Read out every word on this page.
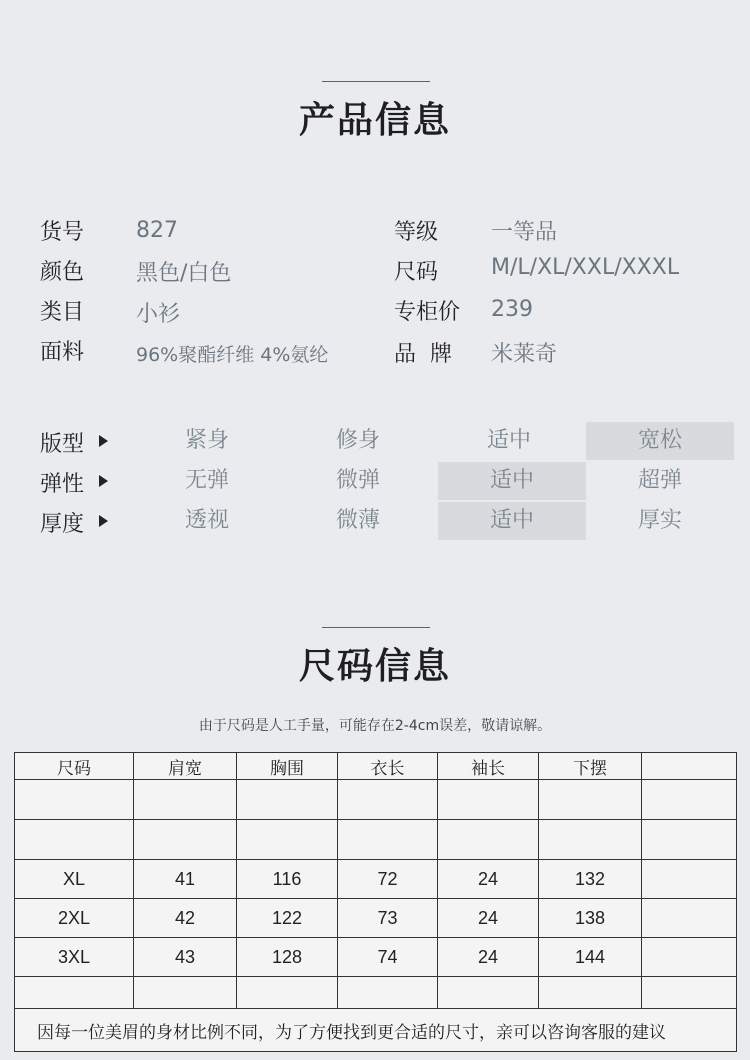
产品信息
货号 827
颜色 黑色/白色
类目 小衫
面料	96%聚酯纤维 4%氨纶
等级 一等品
尺码 M/L/XL/XXL/XXXL
专柜价 239
品  牌 米莱奇
版型	紧身	修身	适中	宽松
弹性	无弹	微弹	适中	超弹
厚度	透视	微薄	适中	厚实
尺码信息
由于尺码是人工手量，可能存在2-4cm误差，敬请谅解。
尺码	肩宽	胸围	衣长	袖长	下摆	

XL	41	116	72	24	132	
2XL	42	122	73	24	138	
3XL	43	128	74	24	144	

因每一位美眉的身材比例不同，为了方便找到更合适的尺寸，亲可以咨询客服的建议						
